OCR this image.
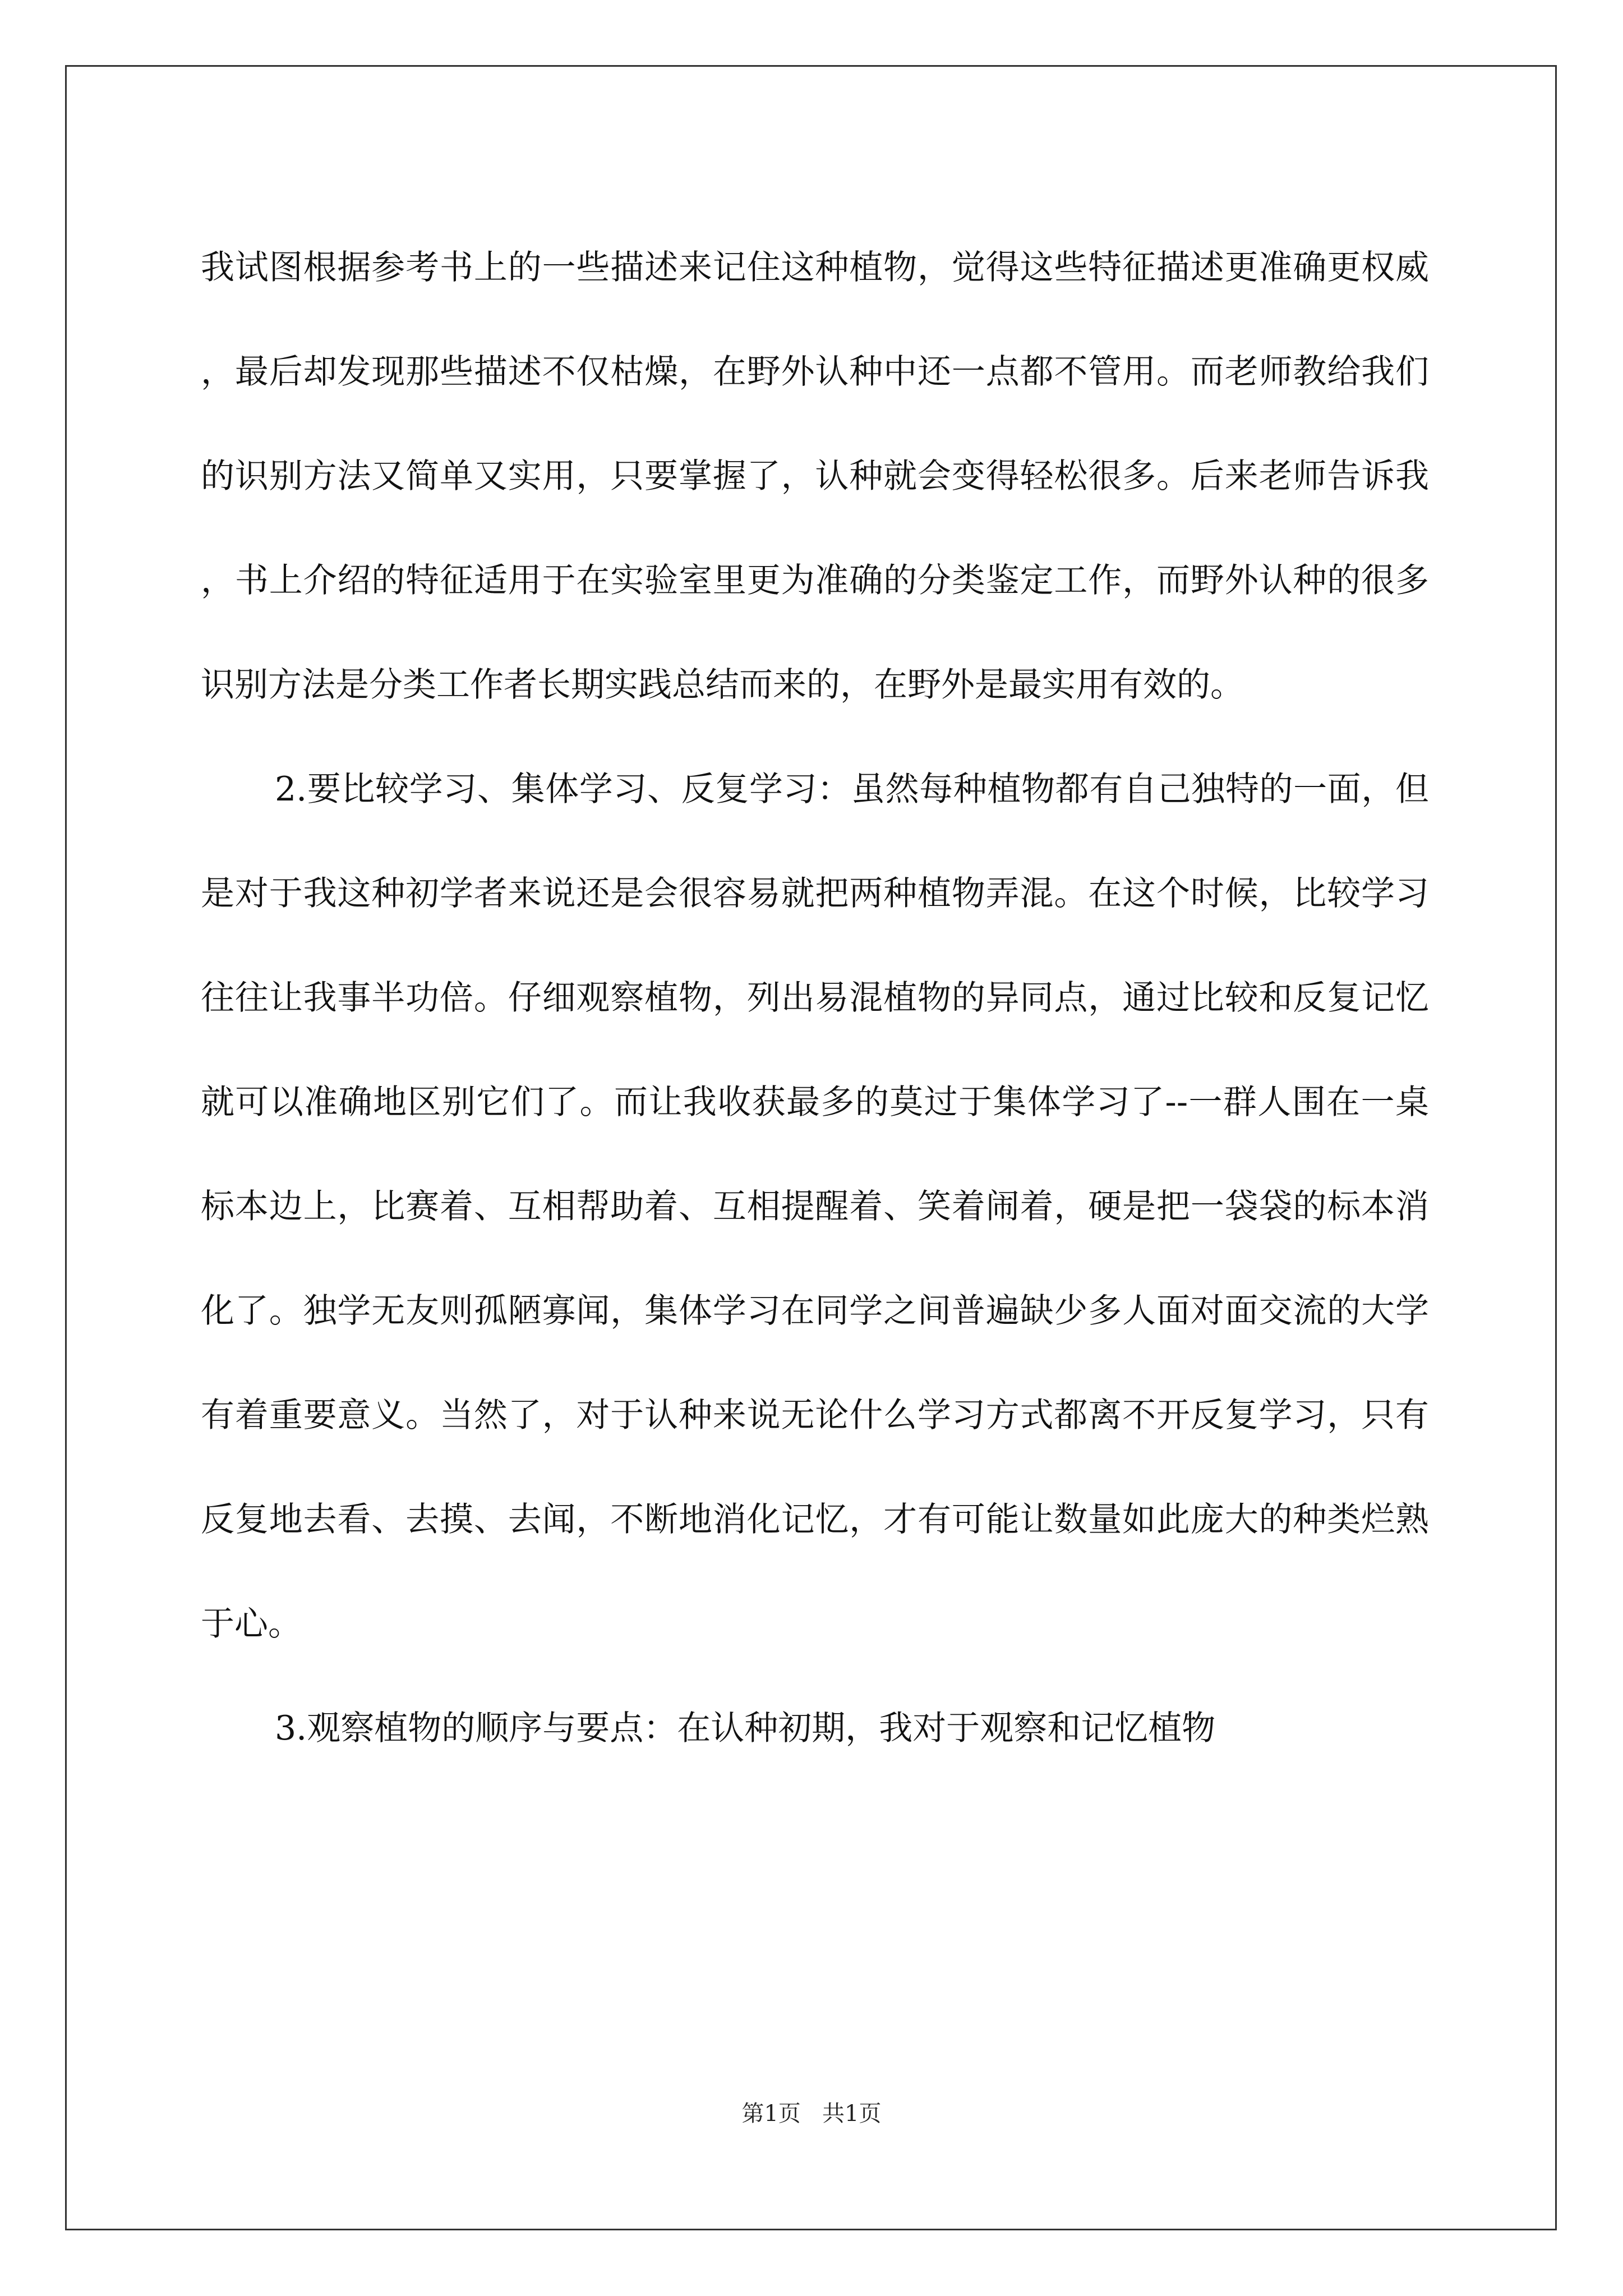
我试图根据参考书上的一些描述来记住这种植物，觉得这些特征描述更准确更权威，最后却发现那些描述不仅枯燥，在野外认种中还一点都不管用。而老师教给我们的识别方法又简单又实用，只要掌握了，认种就会变得轻松很多。后来老师告诉我，书上介绍的特征适用于在实验室里更为准确的分类鉴定工作，而野外认种的很多识别方法是分类工作者长期实践总结而来的，在野外是最实用有效的。

2.要比较学习、集体学习、反复学习：虽然每种植物都有自己独特的一面，但是对于我这种初学者来说还是会很容易就把两种植物弄混。在这个时候，比较学习往往让我事半功倍。仔细观察植物，列出易混植物的异同点，通过比较和反复记忆就可以准确地区别它们了。而让我收获最多的莫过于集体学习了--一群人围在一桌标本边上，比赛着、互相帮助着、互相提醒着、笑着闹着，硬是把一袋袋的标本消化了。独学无友则孤陋寡闻，集体学习在同学之间普遍缺少多人面对面交流的大学有着重要意义。当然了，对于认种来说无论什么学习方式都离不开反复学习，只有反复地去看、去摸、去闻，不断地消化记忆，才有可能让数量如此庞大的种类烂熟于心。

3.观察植物的顺序与要点：在认种初期，我对于观察和记忆植物

第1页   共1页
